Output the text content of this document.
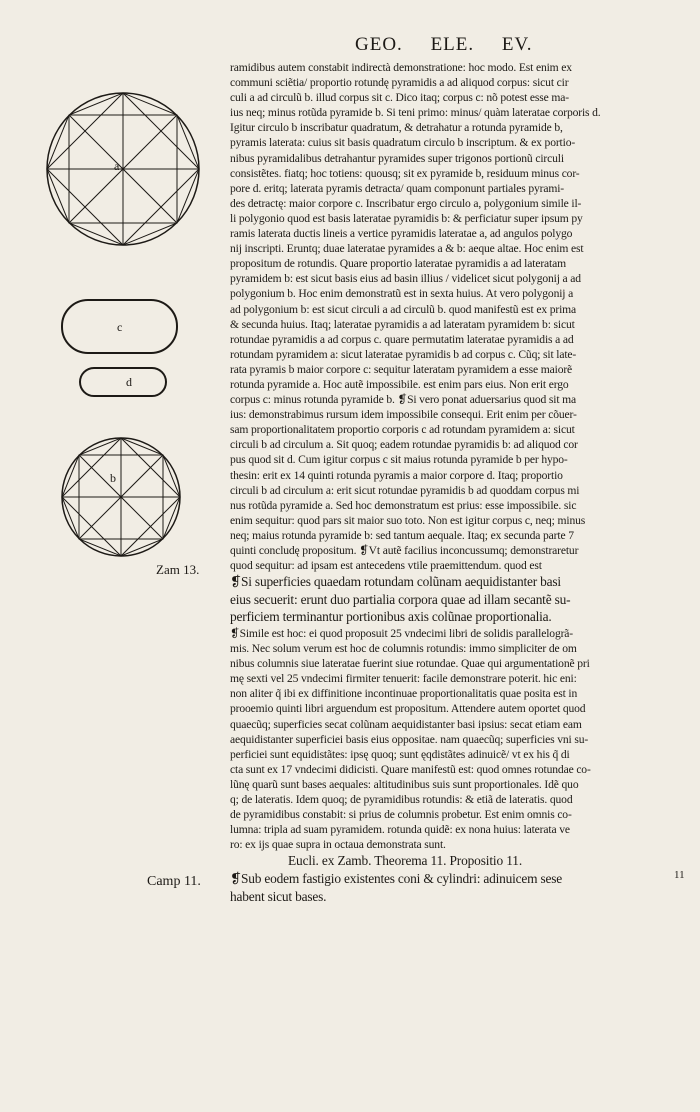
GEO. ELE. EV.
a
c
d
b
Zam 13.
Camp 11.	11
ramidibus autem constabit indirectà demonstratione: hoc modo. Est enim ex
communi sciẽtia/ proportio rotundę pyramidis a ad aliquod corpus: sicut cir
culi a ad circulũ b. illud corpus sit c. Dico itaq; corpus c: nõ potest esse ma-
ius neq; minus rotũda pyramide b. Si teni primo: minus/ quàm lateratae corporis d.
Igitur circulo b inscribatur quadratum, & detrahatur a rotunda pyramide b,
pyramis laterata: cuius sit basis quadratum circulo b inscriptum. & ex portio-
nibus pyramidalibus detrahantur pyramides super trigonos portionũ circuli
consistẽtes. fiatq; hoc totiens: quousq; sit ex pyramide b, residuum minus cor-
pore d. eritq; laterata pyramis detracta/ quam componunt partiales pyrami-
des detractę: maior corpore c. Inscribatur ergo circulo a, polygonium simile il-
li polygonio quod est basis lateratae pyramidis b: & perficiatur super ipsum py
ramis laterata ductis lineis a vertice pyramidis lateratae a, ad angulos polygo
nij inscripti. Eruntq; duae lateratae pyramides a & b: aeque altae. Hoc enim est
propositum de rotundis. Quare proportio lateratae pyramidis a ad lateratam
pyramidem b: est sicut basis eius ad basin illius / videlicet sicut polygonij a ad
polygonium b. Hoc enim demonstratũ est in sexta huius. At vero polygonij a
ad polygonium b: est sicut circuli a ad circulũ b. quod manifestũ est ex prima
& secunda huius. Itaq; lateratae pyramidis a ad lateratam pyramidem b: sicut
rotundae pyramidis a ad corpus c. quare permutatim lateratae pyramidis a ad
rotundam pyramidem a: sicut lateratae pyramidis b ad corpus c. Cũq; sit late-
rata pyramis b maior corpore c: sequitur lateratam pyramidem a esse maiorẽ
rotunda pyramide a. Hoc autẽ impossibile. est enim pars eius. Non erit ergo
corpus c: minus rotunda pyramide b. ❡Si vero ponat aduersarius quod sit ma
ius: demonstrabimus rursum idem impossibile consequi. Erit enim per cõuer-
sam proportionalitatem proportio corporis c ad rotundam pyramidem a: sicut
circuli b ad circulum a. Sit quoq; eadem rotundae pyramidis b: ad aliquod cor
pus quod sit d. Cum igitur corpus c sit maius rotunda pyramide b per hypo-
thesin: erit ex 14 quinti rotunda pyramis a maior corpore d. Itaq; proportio
circuli b ad circulum a: erit sicut rotundae pyramidis b ad quoddam corpus mi
nus rotũda pyramide a. Sed hoc demonstratum est prius: esse impossibile. sic
enim sequitur: quod pars sit maior suo toto. Non est igitur corpus c, neq; minus
neq; maius rotunda pyramide b: sed tantum aequale. Itaq; ex secunda parte 7
quinti concludę propositum. ❡Vt autẽ facilius inconcussumq; demonstraretur
quod sequitur: ad ipsam est antecedens vtile praemittendum. quod est
❡Si superficies quaedam rotundam colũnam aequidistanter basi
eius secuerit: erunt duo partialia corpora quae ad illam secantẽ su-
perficiem terminantur portionibus axis colũnae proportionalia.
❡Simile est hoc: ei quod proposuit 25 vndecimi libri de solidis parallelogrã-
mis. Nec solum verum est hoc de columnis rotundis: immo simpliciter de om
nibus columnis siue lateratae fuerint siue rotundae. Quae qui argumentationẽ pri
mę sexti vel 25 vndecimi firmiter tenuerit: facile demonstrare poterit. hic eni:
non aliter q̃ ibi ex diffinitione incontinuae proportionalitatis quae posita est in
prooemio quinti libri arguendum est propositum. Attendere autem oportet quod
quaecũq; superficies secat colũnam aequidistanter basi ipsius: secat etiam eam
aequidistanter superficiei basis eius oppositae. nam quaecũq; superficies vni su-
perficiei sunt equidistãtes: ipsę quoq; sunt ęqdistãtes adinuicẽ/ vt ex his q̃ di
cta sunt ex 17 vndecimi didicisti. Quare manifestũ est: quod omnes rotundae co-
lũnę quarũ sunt bases aequales: altitudinibus suis sunt proportionales. Idẽ quo
q; de lateratis. Idem quoq; de pyramidibus rotundis: & etiã de lateratis. quod
de pyramidibus constabit: si prius de columnis probetur. Est enim omnis co-
lumna: tripla ad suam pyramidem. rotunda quidẽ: ex nona huius: laterata ve
ro: ex ijs quae supra in octaua demonstrata sunt.
Eucli. ex Zamb. Theorema 11. Propositio 11.
❡Sub eodem fastigio existentes coni & cylindri: adinuicem sese
habent sicut bases.
